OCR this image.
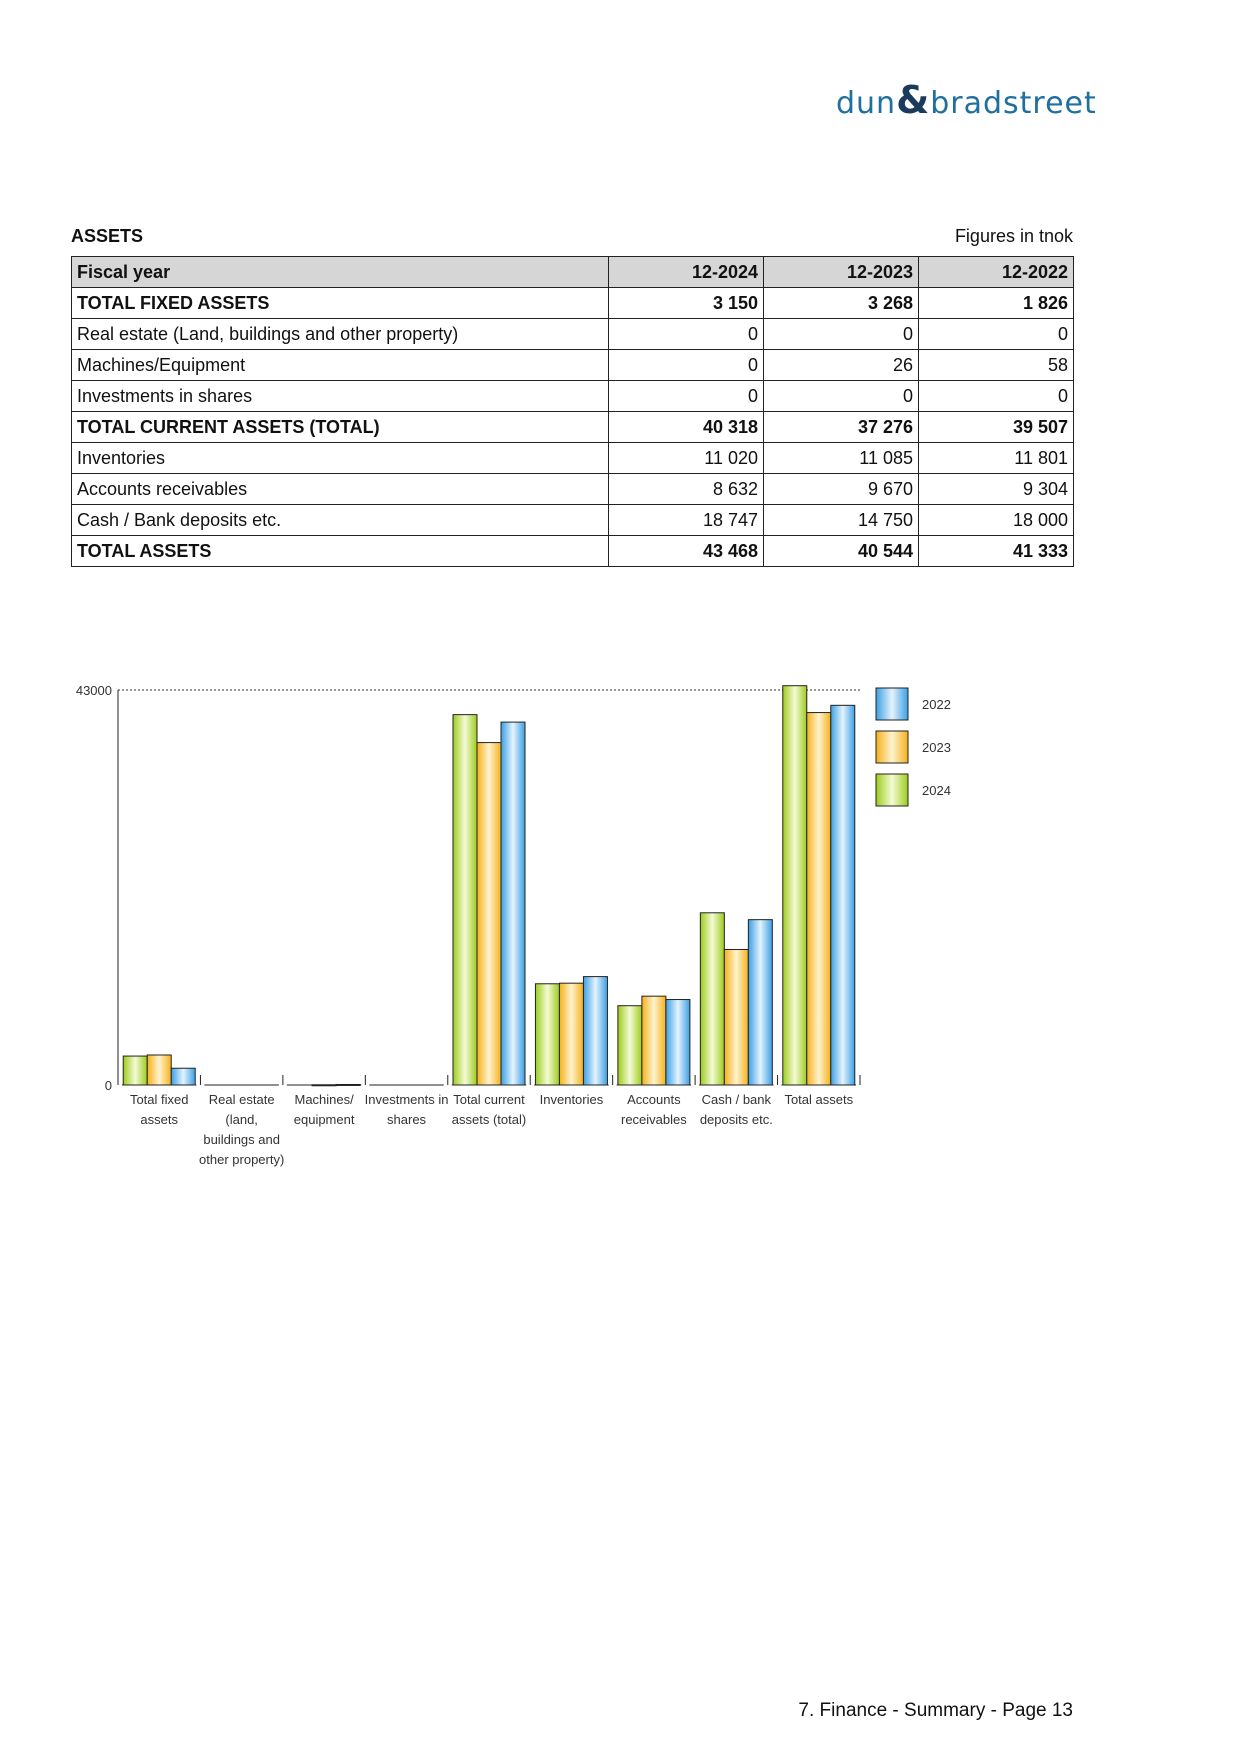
dun&bradstreet
ASSETS	Figures in tnok
Fiscal year	12-2024	12-2023	12-2022
TOTAL FIXED ASSETS	3 150	3 268	1 826
Real estate (Land, buildings and other property)	0	0	0
Machines/Equipment	0	26	58
Investments in shares	0	0	0
TOTAL CURRENT ASSETS (TOTAL)	40 318	37 276	39 507
Inventories	11 020	11 085	11 801
Accounts receivables	8 632	9 670	9 304
Cash / Bank deposits etc.	18 747	14 750	18 000
TOTAL ASSETS	43 468	40 544	41 333
43000
0
Total fixed
assets
Real estate
(land,
buildings and
other property)
Machines/
equipment
Investments in
shares
Total current
assets (total)
Inventories Accounts
receivables
Cash / bank
deposits etc.
Total assets
2022
2023
2024
7. Finance - Summary - Page 13
